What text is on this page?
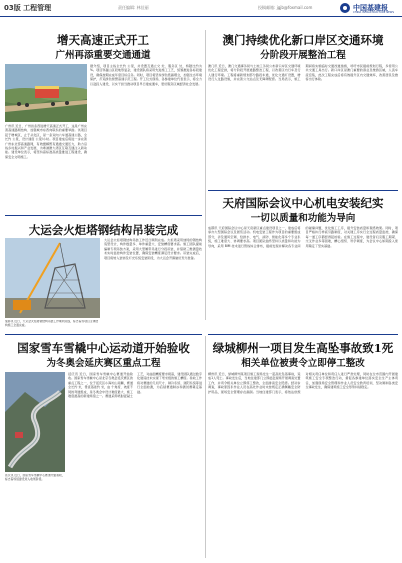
03版 工程管理	责任编辑: 林佳丽	投稿邮箱: jgjb@foxmail.com	中国基建报
CHINA INFRASTRUCTURE NEWS
增天高速正式开工
广州再添重要交通通道
广州讯 近日，广州首条西进增天高速正式开工，这是广州完善高速路网结构、加强城市东西向联系的重要举措。该项目起于增城区，止于从化区，是一条双向六车道高速公路，全长约 公里，设计速度 公里/小时。项目建成后将进一步完善广州东北部高速路网，有效缓解既有通道交通压力，助力沿线乡村振兴和产业发展，为粤港澳大湾区互联互通注入新动能。建设单位表示，将坚持高标准高质量推进工程建设，确保安全文明施工。
据介绍，项目主线全长约 公里，共设置互通立交 处、服务区 处，桥隧比约为 %。项目穿越山区段地形复杂，建设团队将采用先进施工工艺，统筹推进各标段建设，确保按期完成年度目标任务。同时，项目将坚持绿色低碳理念，加强生态环境保护，打造绿色智慧高速示范工程。开工仪式现场，各参建单位代表表示，将全力以赴投入建设，以实干担当推动项目早日建成通车，更好服务区域经济社会发展。
澳门持续优化新口岸区交通环境
分阶段开展整治工程
澳门讯 近日，澳门交通事务局与土地工务局公布新口岸区交通环境优化工程安排，将分阶段开展道路整治工程，以改善区内行车及行人通行环境。工程将重新规划部分路段车道，优化交通灯设置，增设行人过路设施，并完善公交站点及无障碍配套。当局表示，施工期间将实施临时交通改道措施，呼吁市民提前规划行程，多使用公共交通工具出行。新口岸区是澳门重要的商业及旅游区域，人流车流密集，此次工程完成后将有效提升区内交通效率，改善居民及旅客出行体验。
天府国际会议中心机电安装纪实
一切以质量和功能为导向
成都讯 天府国际会议中心是天府新区重点建设项目之一，建成后将承办大型国际会议及展览活动。机电安装工程作为项目的重要组成部分，涉及通风空调、给排水、电气、消防、智能化等多个专业系统，施工难度大、协调要求高。项目团队始终坚持以质量和功能为导向，采用 BIM 技术进行管线综合排布，提前发现并解决各专业间的碰撞问题，优化施工工序，提升安装质量和观感效果。同时，项目严格执行样板引路制度，对关键工序实行全过程质量监控，确保每一道工序都经得起检验。在施工过程中，建设者们克服工期紧、交叉作业多等困难，精心组织、科学调度，为会议中心如期投入使用奠定了坚实基础。
大运会火炬塔钢结构吊装完成
成都讯 近日，大运会火炬塔钢结构吊装工作顺利完成，标志着该项目主体结构施工全面完成。
大运会火炬塔钢结构吊装工作近日顺利完成。火炬塔采用独特的钢结构造型设计，构件数量多、单件重量大、安装精度要求高。施工团队提前编制专项吊装方案，采用大型履带吊进行分段吊装，并借助三维测量技术实时监控构件安装位置，确保安装精度满足设计要求。吊装完成后，项目将转入装饰及灯光系统安装阶段，为大运会开幕做好充分准备。
国家雪车雪橇中心运动道开始验收
为冬奥会延庆赛区重点工程
延庆讯 近日，国家雪车雪橇中心赛道开始验收，标志着场馆建设进入收尾阶段。
延庆讯 近日，国家雪车雪橇中心赛道开始验收。国家雪车雪橇中心是北京冬奥会延庆赛区的重点工程之一，位于延庆区小海坨山南麓，赛道全长约 米，垂直落差约 米，由 个角度、坡度不同的弯道组成，是冬奥会中设计难度最大、施工难度最高的新建场馆之一。赛道采用喷射混凝土工艺，对曲面精度要求极高，建设团队通过数字化建造技术实现了毫米级的施工精度。验收工作将对赛道的几何尺寸、制冷系统、遮阳系统等进行全面检测，为后续赛道制冰和测试赛奠定基础。
绿城柳州一项目发生高坠事故致1死
相关单位被责令立即停工整改
柳州讯 近日，绿城柳州某项目施工现场发生一起高处坠落事故，造成1人死亡。事故发生后，当地住建部门立即赶赴现场开展调查处置工作，并责令相关单位立即停工整改，全面排查安全隐患。经初步调查，事故原因系作业人员在高处作业时未按规定正确佩戴安全防护用品，现场安全管理存在漏洞。当地住建部门表示，将依法依规对相关责任单位和责任人进行严肃处理，同时在全市范围内开展建筑施工安全专项整治行动，督促各参建单位落实安全生产主体责任，加强现场安全管理和作业人员安全教育培训，坚决遏制各类安全事故发生，确保建筑施工安全形势持续稳定。
